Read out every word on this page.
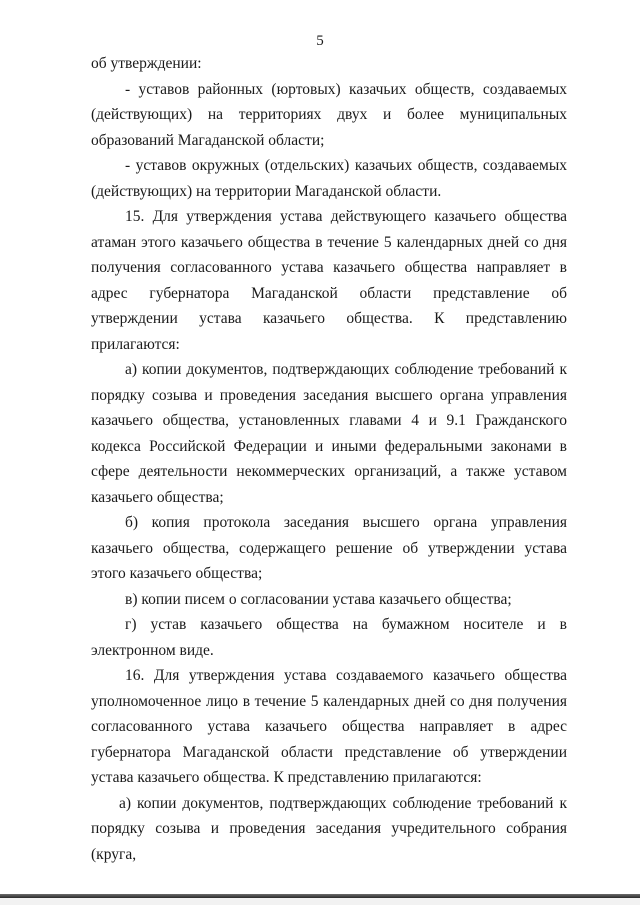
5

об утверждении:

- уставов районных (юртовых) казачьих обществ, создаваемых (действующих) на территориях двух и более муниципальных образований Магаданской области;

- уставов окружных (отдельских) казачьих обществ, создаваемых (действующих) на территории Магаданской области.

15. Для утверждения устава действующего казачьего общества атаман этого казачьего общества в течение 5 календарных дней со дня получения согласованного устава казачьего общества направляет в адрес губернатора Магаданской области представление об утверждении устава казачьего общества. К представлению прилагаются:

а) копии документов, подтверждающих соблюдение требований к порядку созыва и проведения заседания высшего органа управления казачьего общества, установленных главами 4 и 9.1 Гражданского кодекса Российской Федерации и иными федеральными законами в сфере деятельности некоммерческих организаций, а также уставом казачьего общества;

б) копия протокола заседания высшего органа управления казачьего общества, содержащего решение об утверждении устава этого казачьего общества;

в) копии писем о согласовании устава казачьего общества;

г) устав казачьего общества на бумажном носителе и в электронном виде.

16. Для утверждения устава создаваемого казачьего общества уполномоченное лицо в течение 5 календарных дней со дня получения согласованного устава казачьего общества направляет в адрес губернатора Магаданской области представление об утверждении устава казачьего общества. К представлению прилагаются:

а) копии документов, подтверждающих соблюдение требований к порядку созыва и проведения заседания учредительного собрания (круга,
